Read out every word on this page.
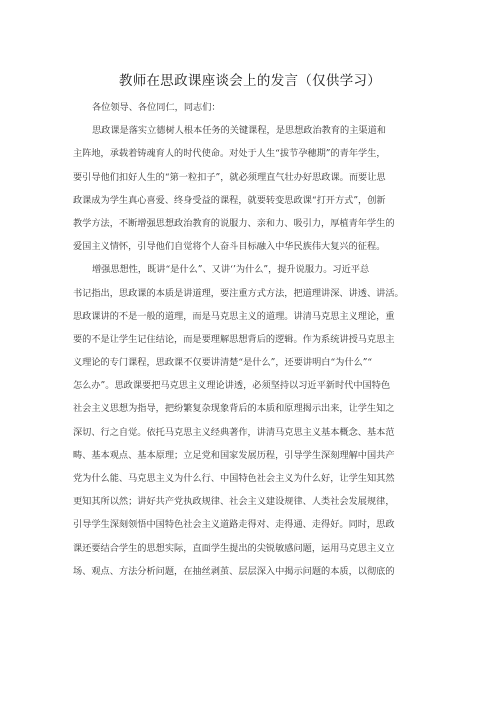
教师在思政课座谈会上的发言（仅供学习）
各位领导、各位同仁，同志们：
思政课是落实立德树人根本任务的关键课程，是思想政治教育的主渠道和
主阵地，承载着铸魂育人的时代使命。对处于人生“拔节孕穗期”的青年学生，
要引导他们扣好人生的“第一粒扣子”，就必须理直气壮办好思政课。而要让思
政课成为学生真心喜爱、终身受益的课程，就要转变思政课“打开方式”，创新
教学方法，不断增强思想政治教育的说服力、亲和力、吸引力，厚植青年学生的
爱国主义情怀，引导他们自觉将个人奋斗目标融入中华民族伟大复兴的征程。
增强思想性，既讲“是什么”、又讲‘’为什么”，提升说服力。习近平总
书记指出，思政课的本质是讲道理，要注重方式方法，把道理讲深、讲透、讲活。
思政课讲的不是一般的道理，而是马克思主义的道理。讲清马克思主义理论，重
要的不是让学生记住结论，而是要理解思想背后的逻辑。作为系统讲授马克思主
义理论的专门课程，思政课不仅要讲清楚“是什么”，还要讲明白“为什么”“
怎么办”。思政课要把马克思主义理论讲透，必须坚持以习近平新时代中国特色
社会主义思想为指导，把纷繁复杂现象背后的本质和原理揭示出来，让学生知之
深切、行之自觉。依托马克思主义经典著作，讲清马克思主义基本概念、基本范
畴、基本观点、基本原理；立足党和国家发展历程，引导学生深刻理解中国共产
党为什么能、马克思主义为什么行、中国特色社会主义为什么好，让学生知其然
更知其所以然；讲好共产党执政规律、社会主义建设规律、人类社会发展规律，
引导学生深刻领悟中国特色社会主义道路走得对、走得通、走得好。同时，思政
课还要结合学生的思想实际，直面学生提出的尖锐敏感问题，运用马克思主义立
场、观点、方法分析问题，在抽丝剥茧、层层深入中揭示问题的本质，以彻底的
